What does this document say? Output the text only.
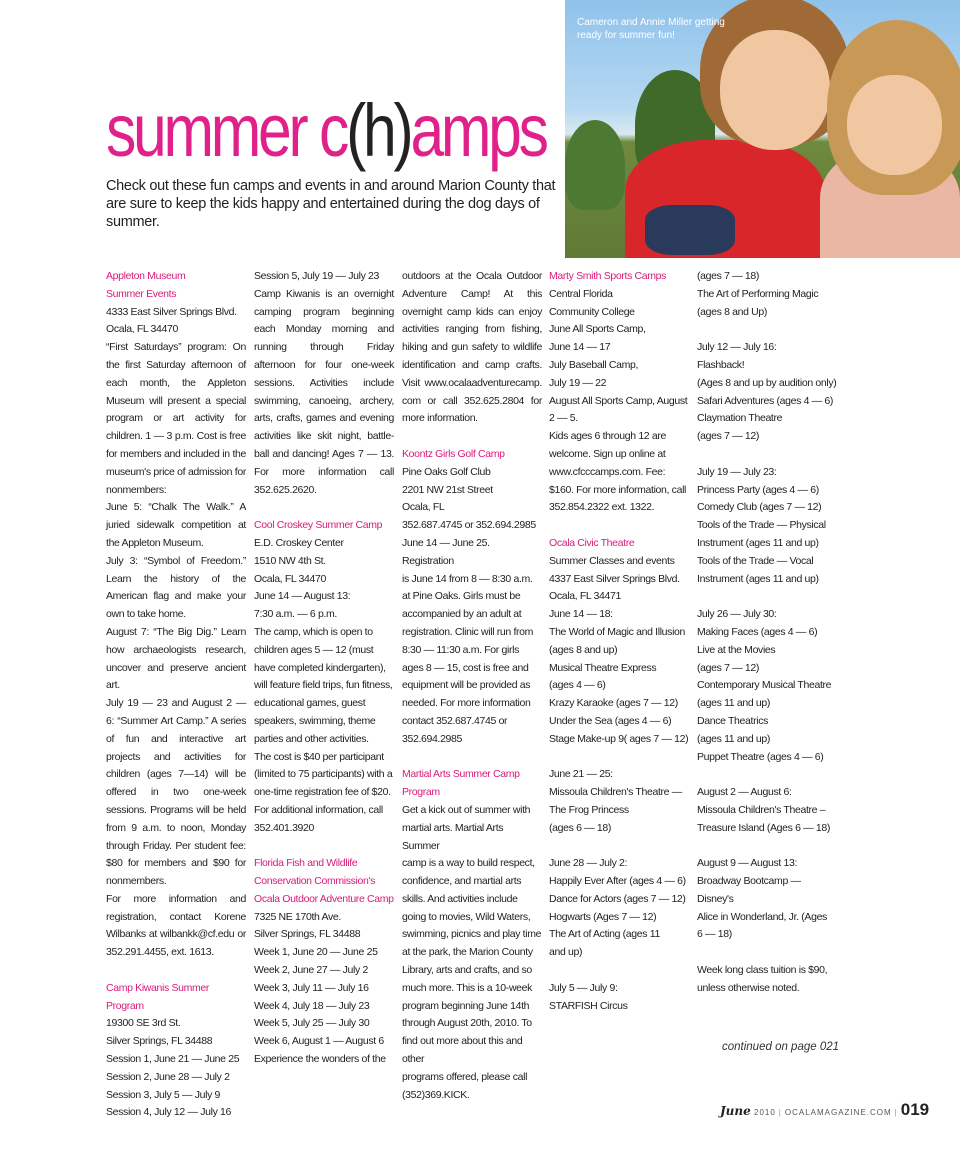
Cameron and Annie Miller getting ready for summer fun!
summer c(h)amps
Check out these fun camps and events in and around Marion County that are sure to keep the kids happy and entertained during the dog days of summer.
Appleton Museum
Summer Events
4333 East Silver Springs Blvd.
Ocala, FL 34470
“First Saturdays” program: On the first Saturday afternoon of each month, the Appleton Museum will present a special program or art activity for children. 1 — 3 p.m. Cost is free for members and included in the museum's price of admission for nonmembers:
June 5: “Chalk The Walk.” A juried sidewalk competition at the Appleton Museum.
July 3: “Symbol of Freedom.” Learn the history of the American flag and make your own to take home.
August 7: “The Big Dig.” Learn how archaeologists research, uncover and preserve ancient art.
July 19 — 23 and August 2 — 6: “Summer Art Camp.” A series of fun and interactive art projects and activities for children (ages 7—14) will be offered in two one-week sessions. Programs will be held from 9 a.m. to noon, Monday through Friday. Per student fee: $80 for members and $90 for nonmembers.
For more information and registration, contact Korene Wilbanks at wilbankk@cf.edu or 352.291.4455, ext. 1613.
Camp Kiwanis Summer Program
19300 SE 3rd St.
Silver Springs, FL 34488
Session 1, June 21 — June 25
Session 2, June 28 — July 2
Session 3, July 5 — July 9
Session 4, July 12 — July 16
Session 5, July 19 — July 23
Camp Kiwanis is an overnight camping program beginning each Monday morning and running through Friday afternoon for four one-week sessions. Activities include swimming, canoeing, archery, arts, crafts, games and evening activities like skit night, battle-ball and dancing! Ages 7 — 13. For more information call 352.625.2620.
Cool Croskey Summer Camp
E.D. Croskey Center
1510 NW 4th St.
Ocala, FL 34470
June 14 — August 13:
7:30 a.m. — 6 p.m.
The camp, which is open to
children ages 5 — 12 (must
have completed kindergarten),
will feature field trips, fun fitness,
educational games, guest
speakers, swimming, theme
parties and other activities.
The cost is $40 per participant
(limited to 75 participants) with a
one-time registration fee of $20.
For additional information, call
352.401.3920
Florida Fish and Wildlife
Conservation Commission's
Ocala Outdoor Adventure Camp
7325 NE 170th Ave.
Silver Springs, FL 34488
Week 1, June 20 — June 25
Week 2, June 27 — July 2
Week 3, July 11 — July 16
Week 4, July 18 — July 23
Week 5, July 25 — July 30
Week 6, August 1 — August 6
Experience the wonders of the
outdoors at the Ocala Outdoor Adventure Camp! At this overnight camp kids can enjoy activities ranging from fishing, hiking and gun safety to wildlife identification and camp crafts. Visit www.ocalaadventurecamp. com or call 352.625.2804 for more information.
Koontz Girls Golf Camp
Pine Oaks Golf Club
2201 NW 21st Street
Ocala, FL
352.687.4745 or 352.694.2985
June 14 — June 25. Registration
is June 14 from 8 — 8:30 a.m.
at Pine Oaks. Girls must be
accompanied by an adult at
registration. Clinic will run from
8:30 — 11:30 a.m. For girls
ages 8 — 15, cost is free and
equipment will be provided as
needed. For more information
contact 352.687.4745 or
352.694.2985
Martial Arts Summer Camp
Program
Get a kick out of summer with
martial arts. Martial Arts Summer
camp is a way to build respect,
confidence, and martial arts
skills. And activities include
going to movies, Wild Waters,
swimming, picnics and play time
at the park, the Marion County
Library, arts and crafts, and so
much more. This is a 10-week
program beginning June 14th
through August 20th, 2010. To
find out more about this and other
programs offered, please call
(352)369.KICK.
Marty Smith Sports Camps
Central Florida
Community College
June All Sports Camp,
June 14 — 17
July Baseball Camp,
July 19 — 22
August All Sports Camp, August
2 — 5.
Kids ages 6 through 12 are
welcome. Sign up online at
www.cfcccamps.com. Fee:
$160. For more information, call
352.854.2322 ext. 1322.
Ocala Civic Theatre
Summer Classes and events
4337 East Silver Springs Blvd.
Ocala, FL 34471
June 14 — 18:
The World of Magic and Illusion
(ages 8 and up)
Musical Theatre Express
(ages 4 — 6)
Krazy Karaoke (ages 7 — 12)
Under the Sea (ages 4 — 6)
Stage Make-up 9( ages 7 — 12)
June 21 — 25:
Missoula Children's Theatre —
The Frog Princess
(ages 6 — 18)
June 28 — July 2:
Happily Ever After (ages 4 — 6)
Dance for Actors (ages 7 — 12)
Hogwarts (Ages 7 — 12)
The Art of Acting (ages 11
and up)
July 5 — July 9:
STARFISH Circus
(ages 7 — 18)
The Art of Performing Magic
(ages 8 and Up)
July 12 — July 16:
Flashback!
(Ages 8 and up by audition only)
Safari Adventures (ages 4 — 6)
Claymation Theatre
(ages 7 — 12)
July 19 — July 23:
Princess Party (ages 4 — 6)
Comedy Club (ages 7 — 12)
Tools of the Trade — Physical
Instrument (ages 11 and up)
Tools of the Trade — Vocal
Instrument (ages 11 and up)
July 26 — July 30:
Making Faces (ages 4 — 6)
Live at the Movies
(ages 7 — 12)
Contemporary Musical Theatre
(ages 11 and up)
Dance Theatrics
(ages 11 and up)
Puppet Theatre (ages 4 — 6)
August 2 — August 6:
Missoula Children's Theatre –
Treasure Island (Ages 6 — 18)
August 9 — August 13:
Broadway Bootcamp — Disney's
Alice in Wonderland, Jr. (Ages
6 — 18)
Week long class tuition is $90,
unless otherwise noted.
continued on page 021
June 2010 | OCALAMAGAZINE.COM | 019
